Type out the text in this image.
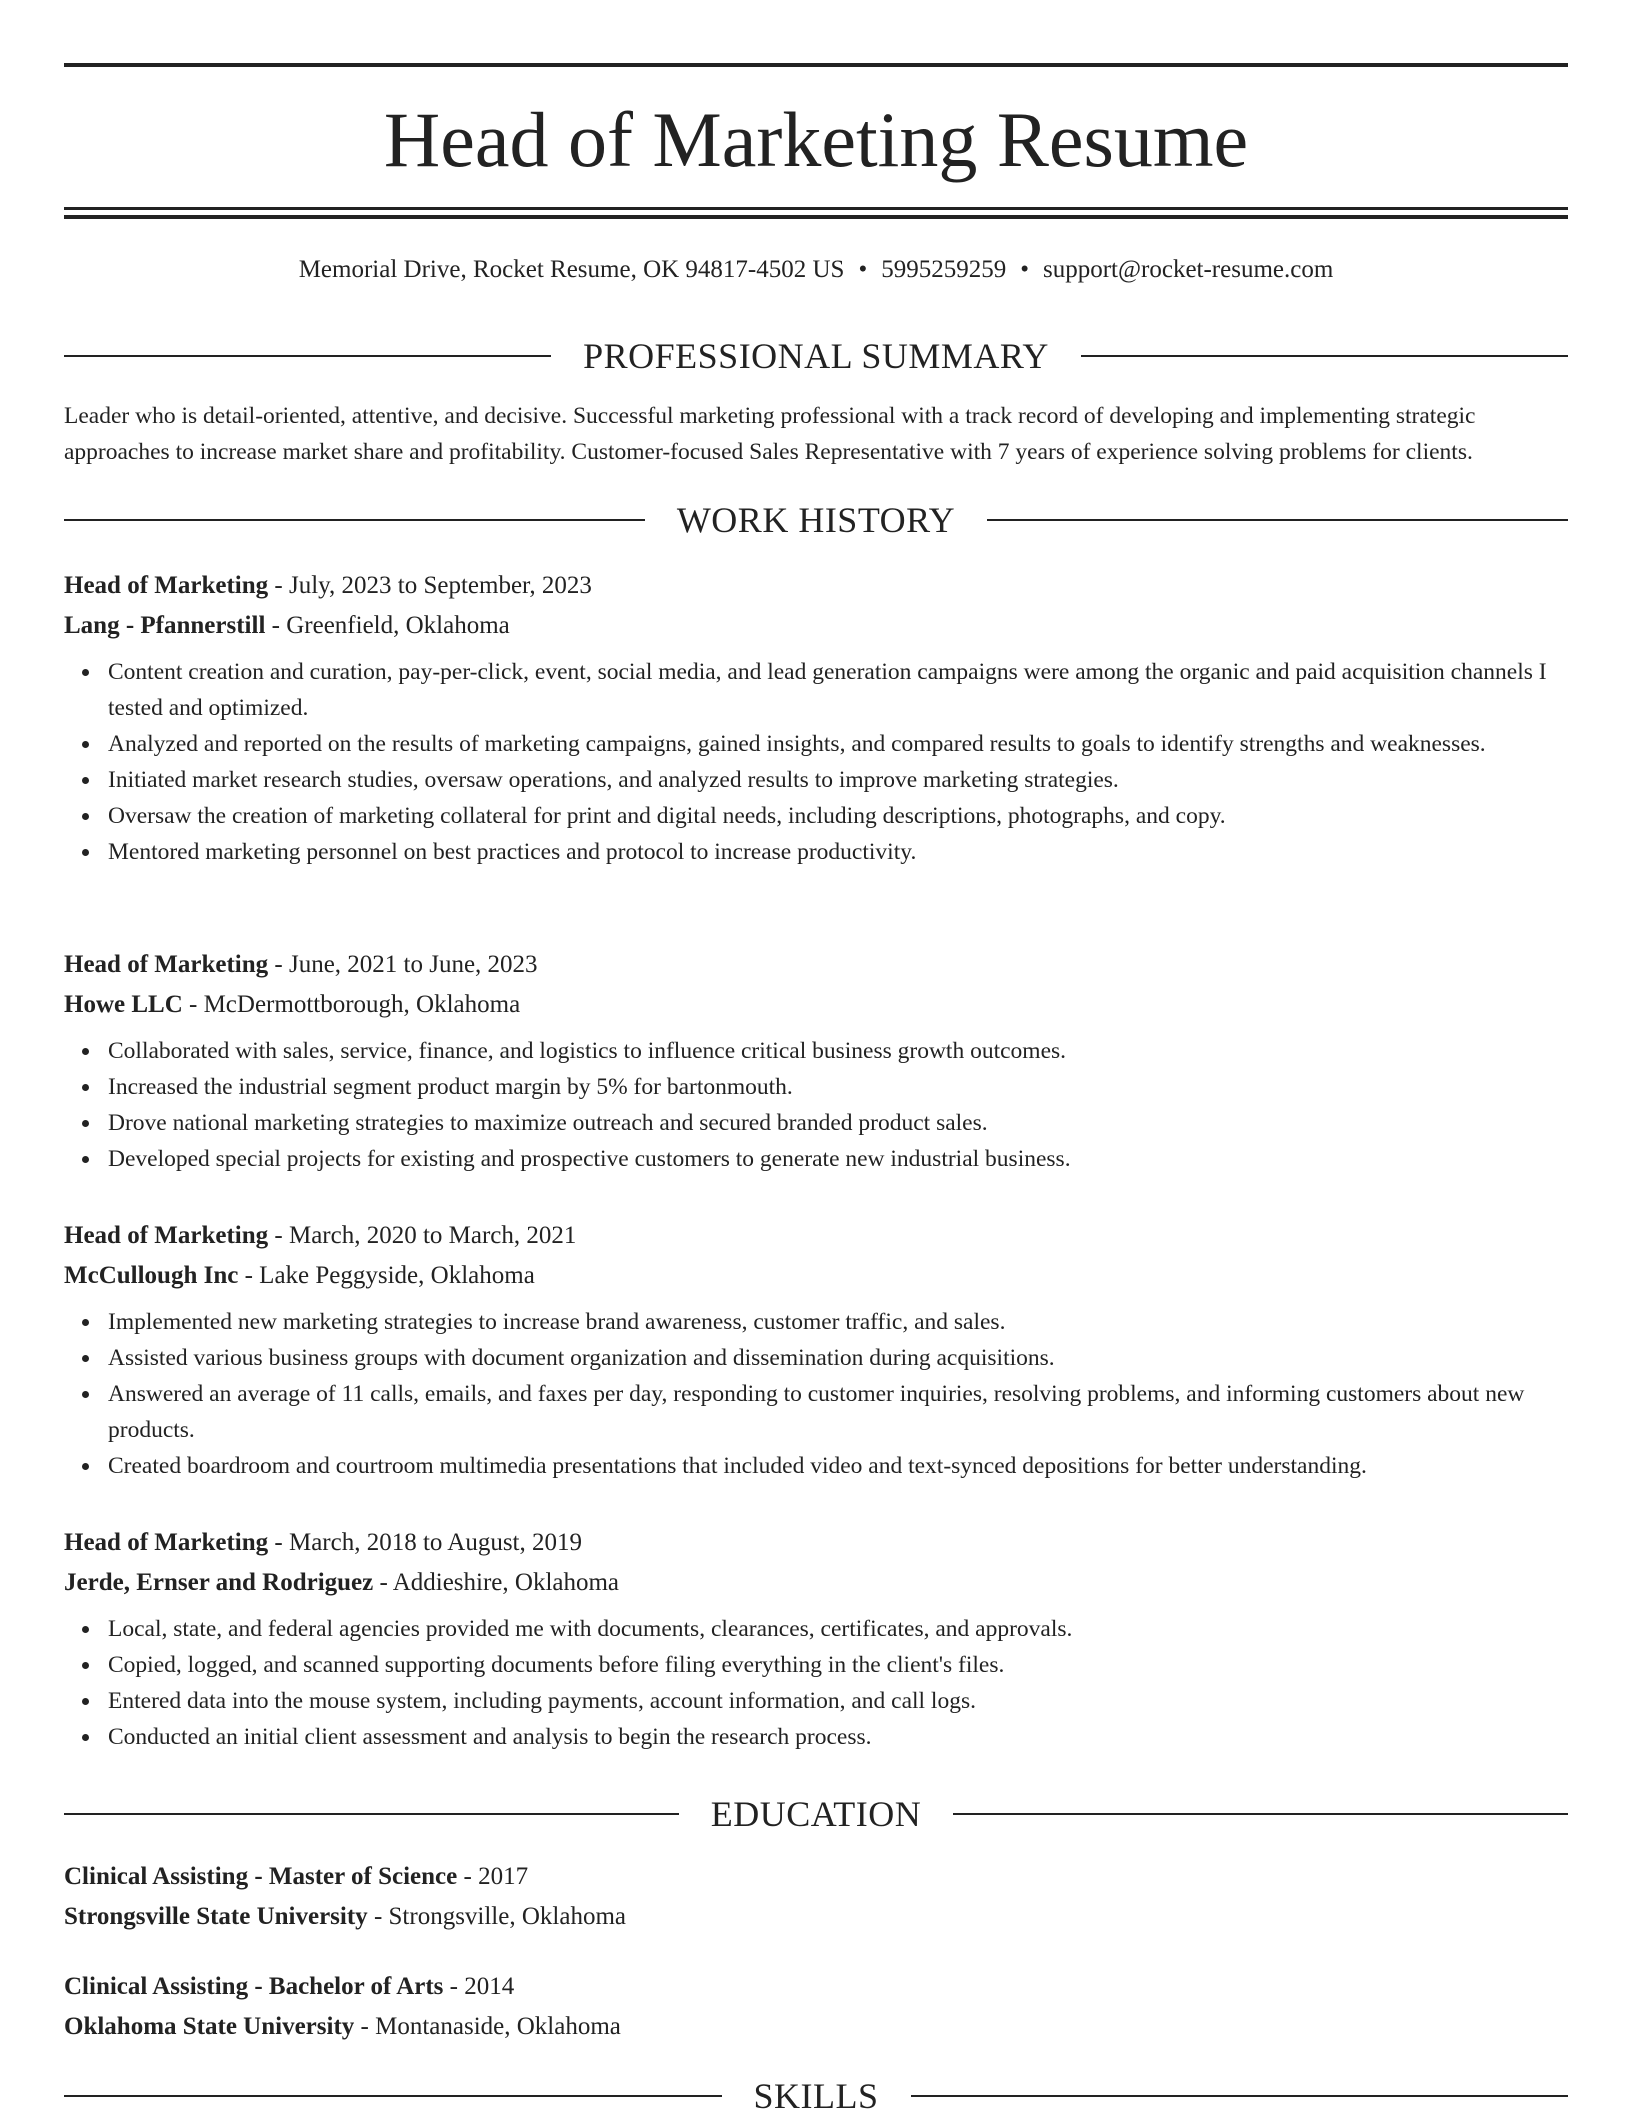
Head of Marketing Resume
Memorial Drive, Rocket Resume, OK 94817-4502 US • 5995259259 • support@rocket-resume.com
PROFESSIONAL SUMMARY

Leader who is detail-oriented, attentive, and decisive. Successful marketing professional with a track record of developing and implementing strategic approaches to increase market share and profitability. Customer-focused Sales Representative with 7 years of experience solving problems for clients.

WORK HISTORY
Head of Marketing - July, 2023 to September, 2023
Lang - Pfannerstill - Greenfield, Oklahoma
Content creation and curation, pay-per-click, event, social media, and lead generation campaigns were among the organic and paid acquisition channels I tested and optimized.
Analyzed and reported on the results of marketing campaigns, gained insights, and compared results to goals to identify strengths and weaknesses.
Initiated market research studies, oversaw operations, and analyzed results to improve marketing strategies.
Oversaw the creation of marketing collateral for print and digital needs, including descriptions, photographs, and copy.
Mentored marketing personnel on best practices and protocol to increase productivity.
Head of Marketing - June, 2021 to June, 2023
Howe LLC - McDermottborough, Oklahoma
Collaborated with sales, service, finance, and logistics to influence critical business growth outcomes.
Increased the industrial segment product margin by 5% for bartonmouth.
Drove national marketing strategies to maximize outreach and secured branded product sales.
Developed special projects for existing and prospective customers to generate new industrial business.
Head of Marketing - March, 2020 to March, 2021
McCullough Inc - Lake Peggyside, Oklahoma
Implemented new marketing strategies to increase brand awareness, customer traffic, and sales.
Assisted various business groups with document organization and dissemination during acquisitions.
Answered an average of 11 calls, emails, and faxes per day, responding to customer inquiries, resolving problems, and informing customers about new products.
Created boardroom and courtroom multimedia presentations that included video and text-synced depositions for better understanding.
Head of Marketing - March, 2018 to August, 2019
Jerde, Ernser and Rodriguez - Addieshire, Oklahoma
Local, state, and federal agencies provided me with documents, clearances, certificates, and approvals.
Copied, logged, and scanned supporting documents before filing everything in the client's files.
Entered data into the mouse system, including payments, account information, and call logs.
Conducted an initial client assessment and analysis to begin the research process.
EDUCATION
Clinical Assisting - Master of Science - 2017
Strongsville State University - Strongsville, Oklahoma
Clinical Assisting - Bachelor of Arts - 2014
Oklahoma State University - Montanaside, Oklahoma
SKILLS
